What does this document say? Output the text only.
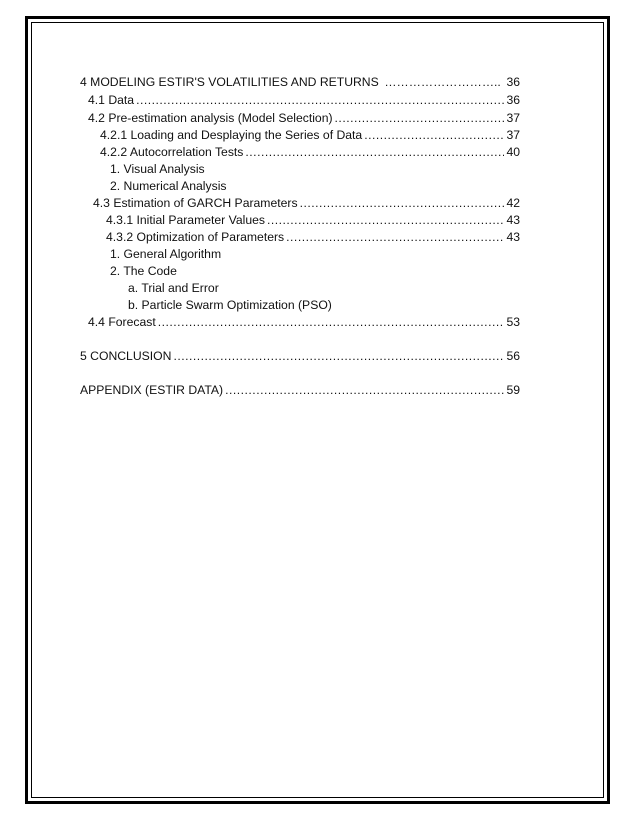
4 MODELING ESTIR'S VOLATILITIES AND RETURNS ……………………….. 36
4.1 Data .....	36
4.2 Pre-estimation analysis (Model Selection) .....	37
4.2.1 Loading and Desplaying the Series of Data .....	37
4.2.2 Autocorrelation Tests .....	40
1. Visual Analysis
2. Numerical Analysis
4.3 Estimation of GARCH Parameters .....	42
4.3.1 Initial Parameter Values .....	43
4.3.2 Optimization of Parameters .....	43
1. General Algorithm
2. The Code
a. Trial and Error
b. Particle Swarm Optimization (PSO)
4.4 Forecast .....	53
5 CONCLUSION .....	56
APPENDIX (ESTIR DATA) .....	59
